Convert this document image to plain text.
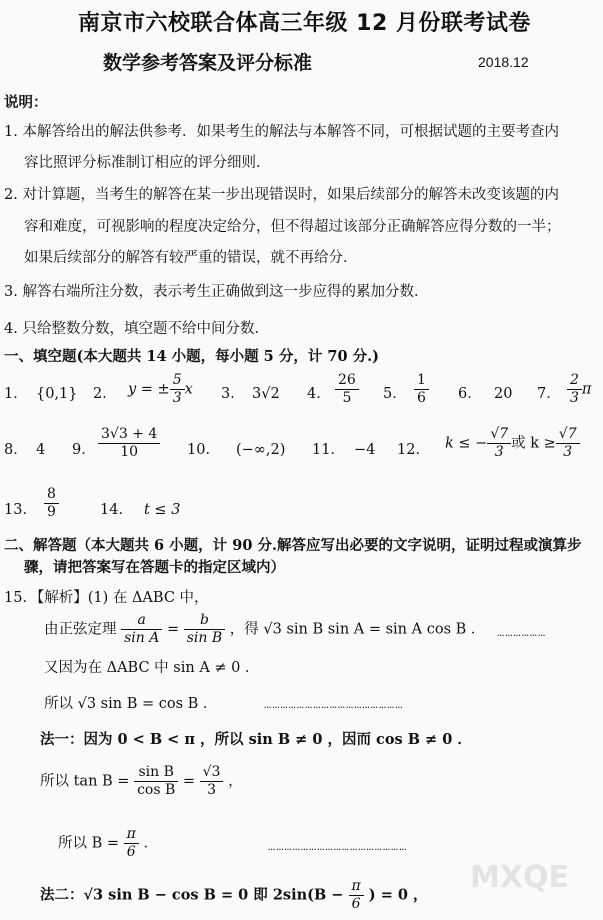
南京市六校联合体高三年级 12 月份联考试卷
数学参考答案及评分标准	2018.12
说明：
1. 本解答给出的解法供参考．如果考生的解法与本解答不同，可根据试题的主要考查内
容比照评分标准制订相应的评分细则．
2. 对计算题，当考生的解答在某一步出现错误时，如果后续部分的解答未改变该题的内
容和难度，可视影响的程度决定给分，但不得超过该部分正确解答应得分数的一半；
如果后续部分的解答有较严重的错误，就不再给分．
3. 解答右端所注分数，表示考生正确做到这一步应得的累加分数．
4. 只给整数分数，填空题不给中间分数．
一、填空题(本大题共 14 小题，每小题 5 分，计 70 分.)
1． {0,1} 2． y = ± $\frac{5}{3}$ x 3． 3√2 4． $\frac{26}{5} 5$． $\frac{1}{6} 6$． 20 7． $\frac{2}{3}$ π
8． 4 9． $\frac{3√3 + 4}{10} 10$． (−∞,2) 11． −4 12． k ≤ − $\frac{√7}{3}$ 或 $k \ge \frac{√7}{3}$
13． $\frac{8}{9}$	14． t ≤ 3
二、解答题（本大题共 6 小题，计 90 分.解答应写出必要的文字说明，证明过程或演算步
骤，请把答案写在答题卡的指定区域内）
15．【解析】(1) 在 ΔABC 中，
由正弦定理 $\frac{a}{\text{sin A}} = \frac{b}{\text{sin B}}$ ，得 √3 sin B sin A = sin A cos B ． ………………
又因为在 ΔABC 中 sin A ≠ 0 ．
所以 √3 sin B = cos B ．	……………………………………………
法一：因为 0 < B < π ，所以 sin B ≠ 0 ，因而 cos B ≠ 0 ．
所以 $\tan B = \frac{\text{sin B}}{\text{cos B}} = \frac{√3}{3}$ ，
所以 $B = \frac{\pi}{6}$ ．	……………………………………………
法二：√3 sin B − cos B = 0 即 $2\sin(B - \frac{\pi}{6}$ ) = 0 ， MXQE
